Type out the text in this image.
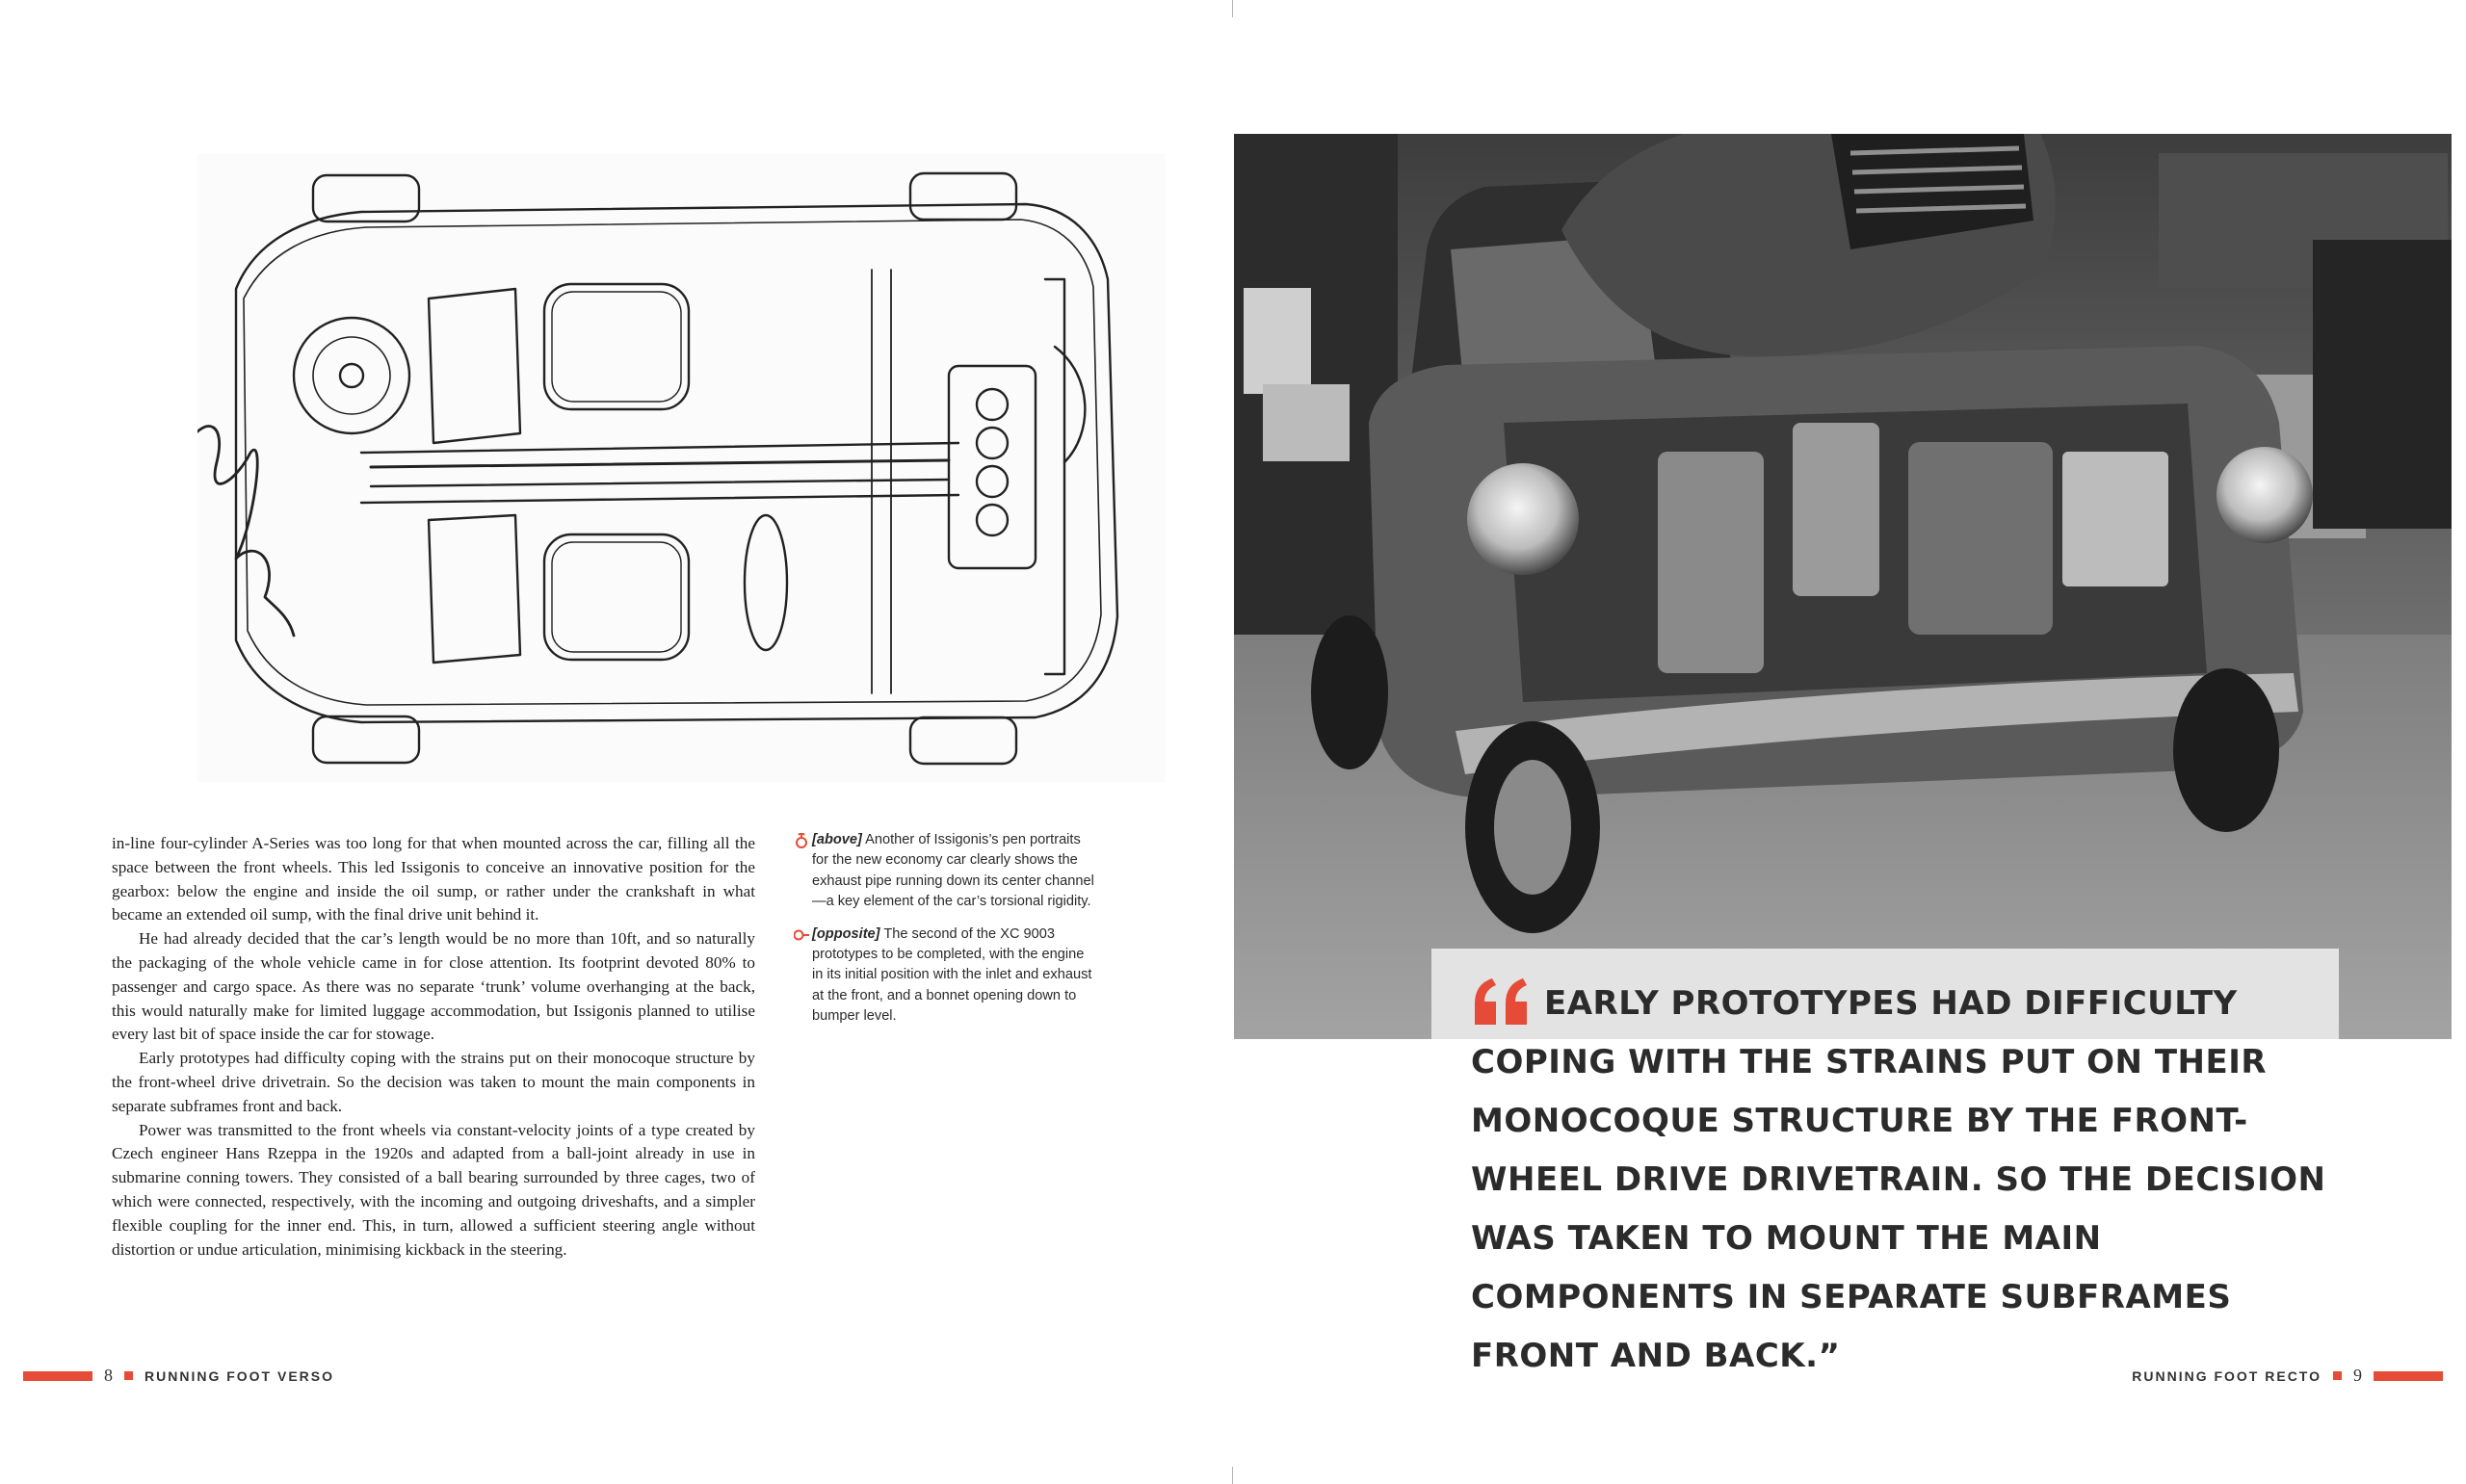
in-line four-cylinder A-Series was too long for that when mounted across the car, filling all the space between the front wheels. This led Issigonis to conceive an innovative position for the gearbox: below the engine and inside the oil sump, or rather under the crankshaft in what became an extended oil sump, with the final drive unit behind it.

He had already decided that the car’s length would be no more than 10ft, and so naturally the packaging of the whole vehicle came in for close attention. Its footprint devoted 80% to passenger and cargo space. As there was no separate ‘trunk’ volume overhanging at the back, this would naturally make for limited luggage accommodation, but Issigonis planned to utilise every last bit of space inside the car for stowage.

Early prototypes had difficulty coping with the strains put on their monocoque structure by the front-wheel drive drivetrain. So the decision was taken to mount the main components in separate subframes front and back.

Power was transmitted to the front wheels via constant-velocity joints of a type created by Czech engineer Hans Rzeppa in the 1920s and adapted from a ball-joint already in use in submarine conning towers. They consisted of a ball bearing surrounded by three cages, two of which were connected, respectively, with the incoming and outgoing driveshafts, and a simpler flexible coupling for the inner end. This, in turn, allowed a sufficient steering angle without distortion or undue articulation, minimising kickback in the steering.

[above] Another of Issigonis’s pen portraits for the new economy car clearly shows the exhaust pipe running down its center channel—a key element of the car’s torsional rigidity.
[opposite] The second of the XC 9003 prototypes to be completed, with the engine in its initial position with the inlet and exhaust at the front, and a bonnet opening down to bumper level.	EARLY PROTOTYPES HAD DIFFICULTY
COPING WITH THE STRAINS PUT ON THEIR MONOCOQUE STRUCTURE BY THE FRONT-WHEEL DRIVE DRIVETRAIN. SO THE DECISION WAS TAKEN TO MOUNT THE MAIN COMPONENTS IN SEPARATE SUBFRAMES FRONT AND BACK.”
8 RUNNING FOOT VERSO	RUNNING FOOT RECTO 9
